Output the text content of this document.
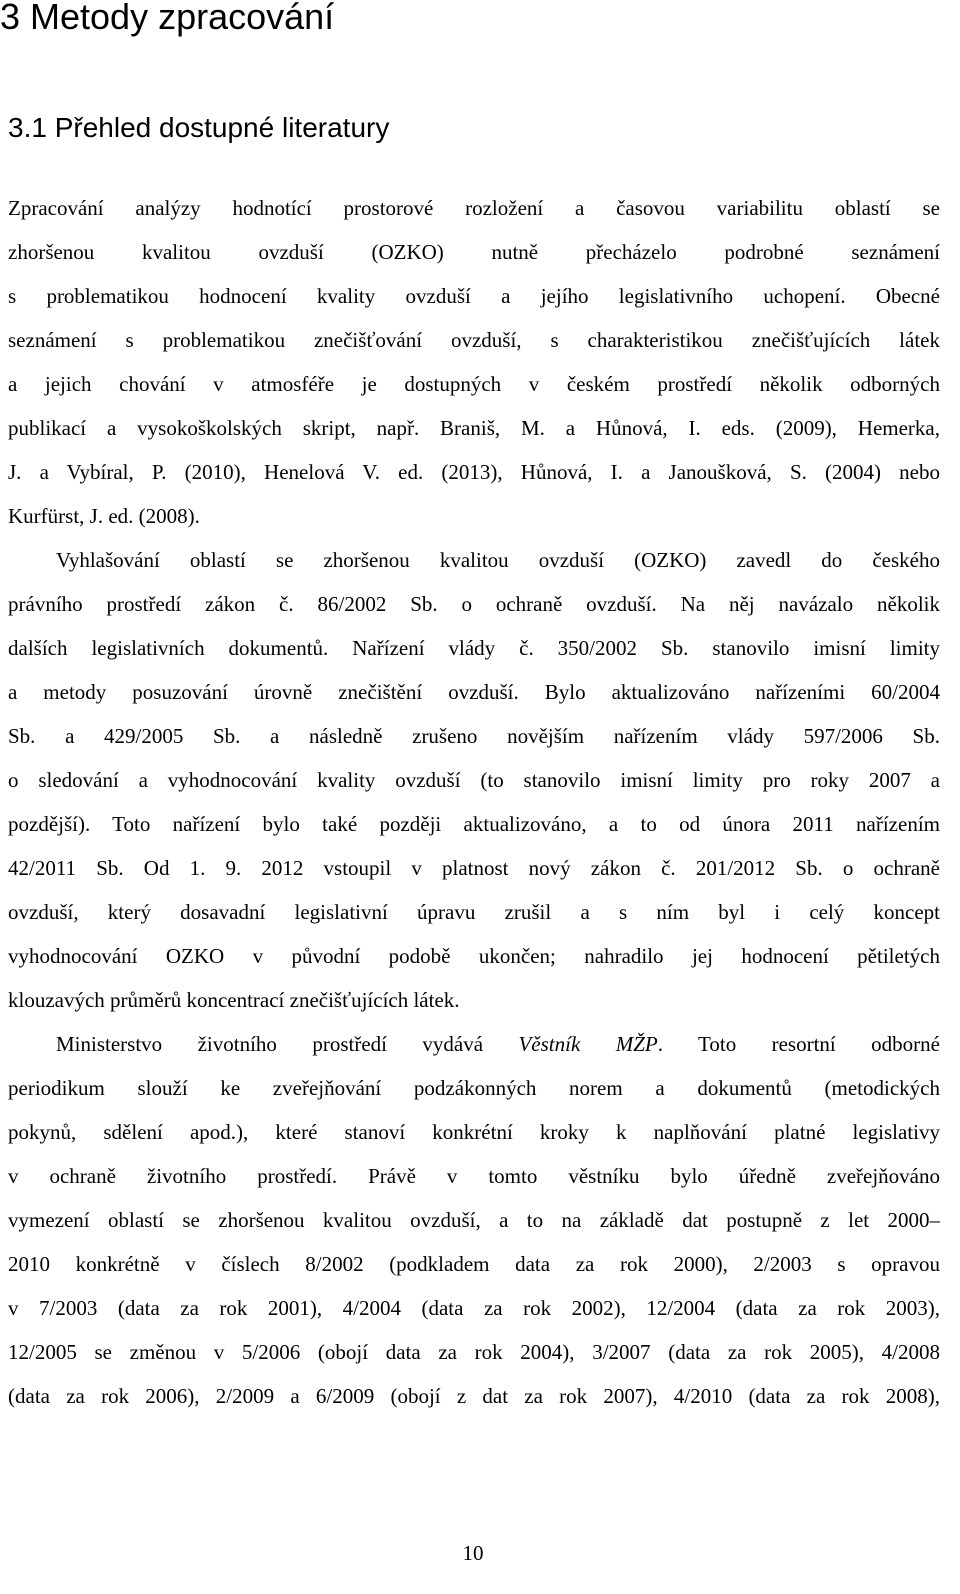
3 Metody zpracování
3.1 Přehled dostupné literatury
Zpracování analýzy hodnotící prostorové rozložení a časovou variabilitu oblastí se
zhoršenou kvalitou ovzduší (OZKO) nutně přecházelo podrobné seznámení
s problematikou hodnocení kvality ovzduší a jejího legislativního uchopení. Obecné
seznámení s problematikou znečišťování ovzduší, s charakteristikou znečišťujících látek
a jejich chování v atmosféře je dostupných v českém prostředí několik odborných
publikací a vysokoškolských skript, např. Braniš, M. a Hůnová, I. eds. (2009), Hemerka,
J. a Vybíral, P. (2010), Henelová V. ed. (2013), Hůnová, I. a Janoušková, S. (2004) nebo
Kurfürst, J. ed. (2008).
Vyhlašování oblastí se zhoršenou kvalitou ovzduší (OZKO) zavedl do českého
právního prostředí zákon č. 86/2002 Sb. o ochraně ovzduší. Na něj navázalo několik
dalších legislativních dokumentů. Nařízení vlády č. 350/2002 Sb. stanovilo imisní limity
a metody posuzování úrovně znečištění ovzduší. Bylo aktualizováno nařízeními 60/2004
Sb. a 429/2005 Sb. a následně zrušeno novějším nařízením vlády 597/2006 Sb.
o sledování a vyhodnocování kvality ovzduší (to stanovilo imisní limity pro roky 2007 a
pozdější). Toto nařízení bylo také později aktualizováno, a to od února 2011 nařízením
42/2011 Sb. Od 1. 9. 2012 vstoupil v platnost nový zákon č. 201/2012 Sb. o ochraně
ovzduší, který dosavadní legislativní úpravu zrušil a s ním byl i celý koncept
vyhodnocování OZKO v původní podobě ukončen; nahradilo jej hodnocení pětiletých
klouzavých průměrů koncentrací znečišťujících látek.
Ministerstvo životního prostředí vydává Věstník MŽP. Toto resortní odborné
periodikum slouží ke zveřejňování podzákonných norem a dokumentů (metodických
pokynů, sdělení apod.), které stanoví konkrétní kroky k naplňování platné legislativy
v ochraně životního prostředí. Právě v tomto věstníku bylo úředně zveřejňováno
vymezení oblastí se zhoršenou kvalitou ovzduší, a to na základě dat postupně z let 2000–
2010 konkrétně v číslech 8/2002 (podkladem data za rok 2000), 2/2003 s opravou
v 7/2003 (data za rok 2001), 4/2004 (data za rok 2002), 12/2004 (data za rok 2003),
12/2005 se změnou v 5/2006 (obojí data za rok 2004), 3/2007 (data za rok 2005), 4/2008
(data za rok 2006), 2/2009 a 6/2009 (obojí z dat za rok 2007), 4/2010 (data za rok 2008),
10
